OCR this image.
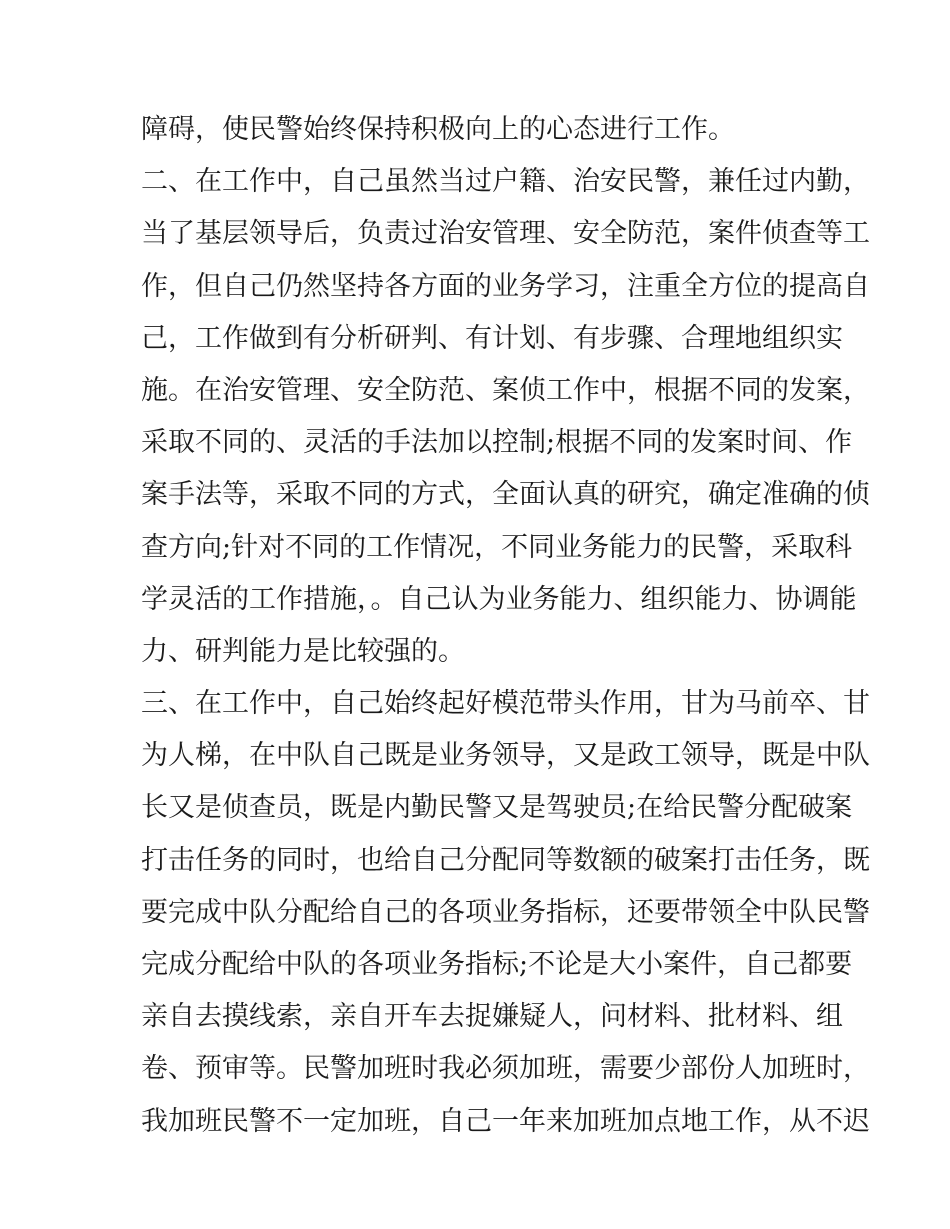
障碍，使民警始终保持积极向上的心态进行工作。
二、在工作中，自己虽然当过户籍、治安民警，兼任过内勤，
当了基层领导后，负责过治安管理、安全防范，案件侦查等工
作，但自己仍然坚持各方面的业务学习，注重全方位的提高自
己，工作做到有分析研判、有计划、有步骤、合理地组织实
施。在治安管理、安全防范、案侦工作中，根据不同的发案，
采取不同的、灵活的手法加以控制;根据不同的发案时间、作
案手法等，采取不同的方式，全面认真的研究，确定准确的侦
查方向;针对不同的工作情况，不同业务能力的民警，采取科
学灵活的工作措施，。自己认为业务能力、组织能力、协调能
力、研判能力是比较强的。
三、在工作中，自己始终起好模范带头作用，甘为马前卒、甘
为人梯，在中队自己既是业务领导，又是政工领导，既是中队
长又是侦查员，既是内勤民警又是驾驶员;在给民警分配破案
打击任务的同时，也给自己分配同等数额的破案打击任务，既
要完成中队分配给自己的各项业务指标，还要带领全中队民警
完成分配给中队的各项业务指标;不论是大小案件，自己都要
亲自去摸线索，亲自开车去捉嫌疑人，问材料、批材料、组
卷、预审等。民警加班时我必须加班，需要少部份人加班时，
我加班民警不一定加班，自己一年来加班加点地工作，从不迟
